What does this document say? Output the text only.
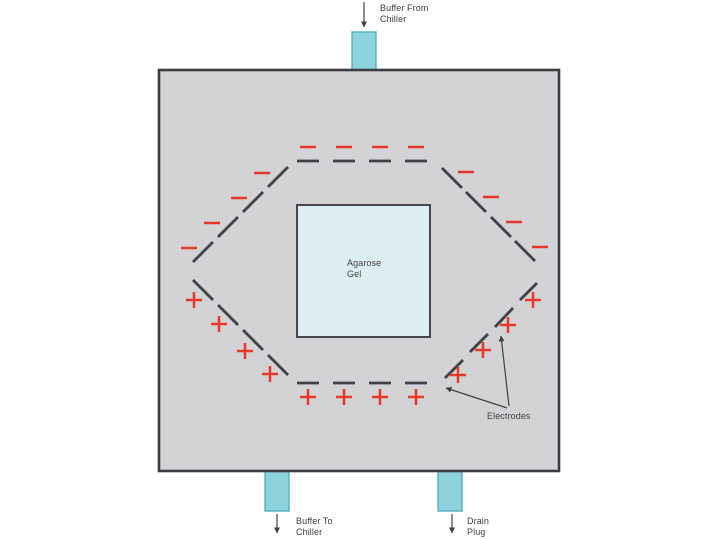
Buffer From
Chiller
Agarose
Gel
Electrodes
Buffer To
Chiller
Drain
Plug
